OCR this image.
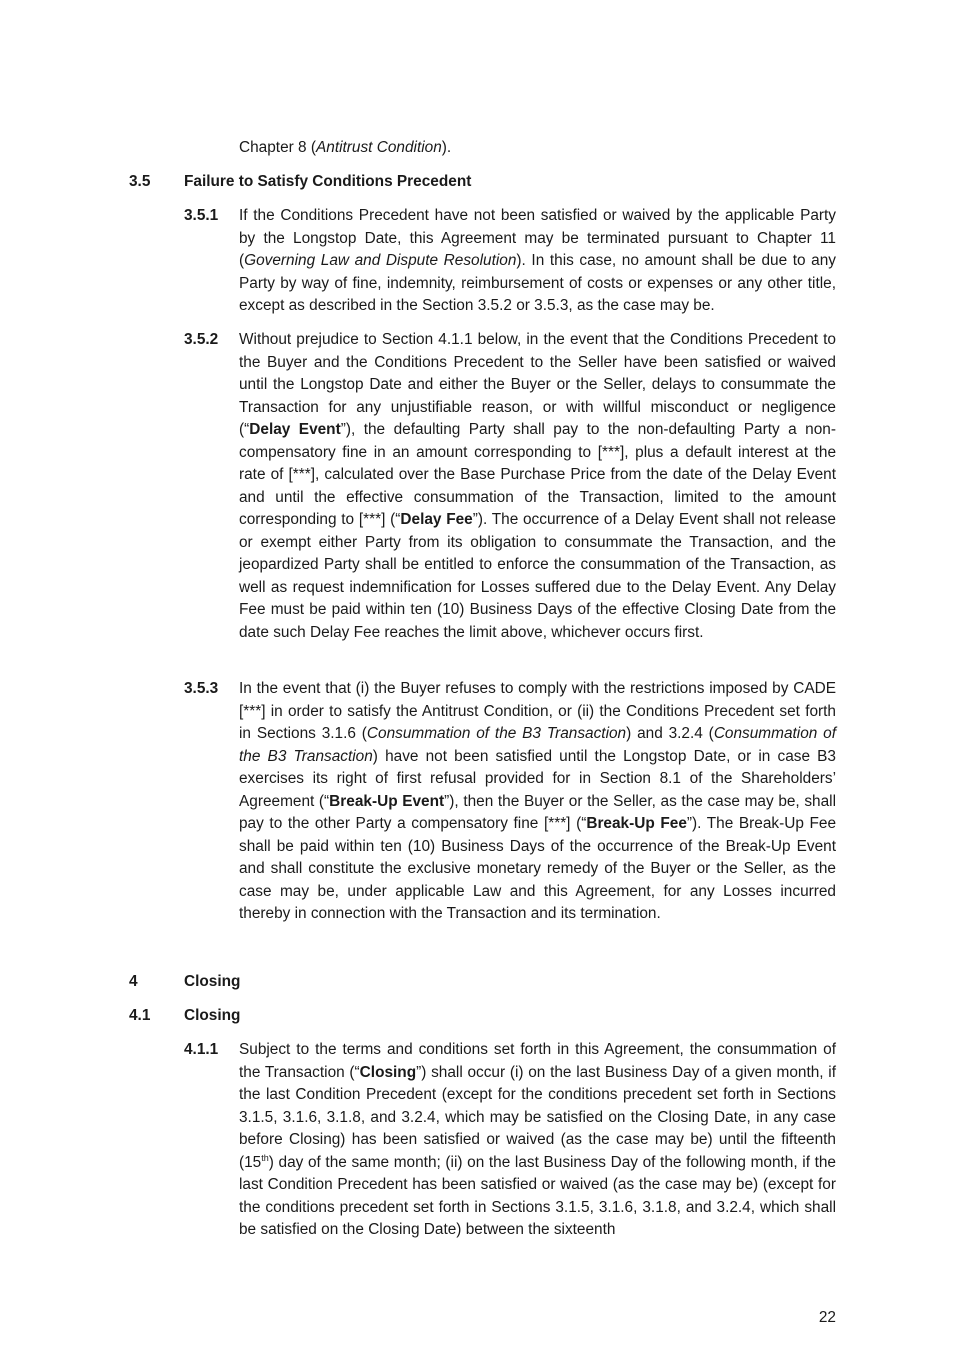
Chapter 8 (Antitrust Condition).
3.5 Failure to Satisfy Conditions Precedent
3.5.1 If the Conditions Precedent have not been satisfied or waived by the applicable Party by the Longstop Date, this Agreement may be terminated pursuant to Chapter 11 (Governing Law and Dispute Resolution). In this case, no amount shall be due to any Party by way of fine, indemnity, reimbursement of costs or expenses or any other title, except as described in the Section 3.5.2 or 3.5.3, as the case may be.
3.5.2 Without prejudice to Section 4.1.1 below, in the event that the Conditions Precedent to the Buyer and the Conditions Precedent to the Seller have been satisfied or waived until the Longstop Date and either the Buyer or the Seller, delays to consummate the Transaction for any unjustifiable reason, or with willful misconduct or negligence (“Delay Event”), the defaulting Party shall pay to the non-defaulting Party a non-compensatory fine in an amount corresponding to [***], plus a default interest at the rate of [***], calculated over the Base Purchase Price from the date of the Delay Event and until the effective consummation of the Transaction, limited to the amount corresponding to [***] (“Delay Fee”). The occurrence of a Delay Event shall not release or exempt either Party from its obligation to consummate the Transaction, and the jeopardized Party shall be entitled to enforce the consummation of the Transaction, as well as request indemnification for Losses suffered due to the Delay Event. Any Delay Fee must be paid within ten (10) Business Days of the effective Closing Date from the date such Delay Fee reaches the limit above, whichever occurs first.
3.5.3 In the event that (i) the Buyer refuses to comply with the restrictions imposed by CADE [***] in order to satisfy the Antitrust Condition, or (ii) the Conditions Precedent set forth in Sections 3.1.6 (Consummation of the B3 Transaction) and 3.2.4 (Consummation of the B3 Transaction) have not been satisfied until the Longstop Date, or in case B3 exercises its right of first refusal provided for in Section 8.1 of the Shareholders’ Agreement (“Break-Up Event”), then the Buyer or the Seller, as the case may be, shall pay to the other Party a compensatory fine [***] (“Break-Up Fee”). The Break-Up Fee shall be paid within ten (10) Business Days of the occurrence of the Break-Up Event and shall constitute the exclusive monetary remedy of the Buyer or the Seller, as the case may be, under applicable Law and this Agreement, for any Losses incurred thereby in connection with the Transaction and its termination.
4	Closing
4.1 Closing
4.1.1 Subject to the terms and conditions set forth in this Agreement, the consummation of the Transaction (“Closing”) shall occur (i) on the last Business Day of a given month, if the last Condition Precedent (except for the conditions precedent set forth in Sections 3.1.5, 3.1.6, 3.1.8, and 3.2.4, which may be satisfied on the Closing Date, in any case before Closing) has been satisfied or waived (as the case may be) until the fifteenth (15th) day of the same month; (ii) on the last Business Day of the following month, if the last Condition Precedent has been satisfied or waived (as the case may be) (except for the conditions precedent set forth in Sections 3.1.5, 3.1.6, 3.1.8, and 3.2.4, which shall be satisfied on the Closing Date) between the sixteenth
22
